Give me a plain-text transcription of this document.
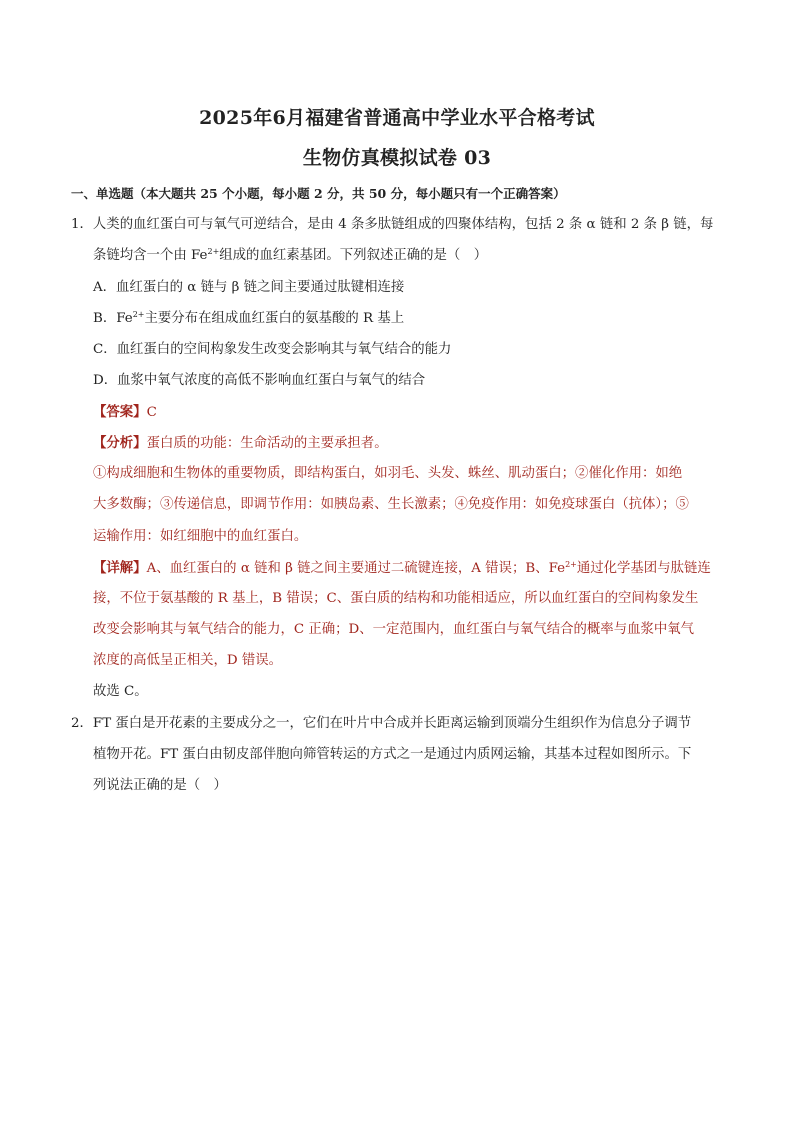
2025年6月福建省普通高中学业水平合格考试
生物仿真模拟试卷 03
一、单选题（本大题共 25 个小题，每小题 2 分，共 50 分，每小题只有一个正确答案）
1．人类的血红蛋白可与氧气可逆结合，是由 4 条多肽链组成的四聚体结构，包括 2 条 α 链和 2 条 β 链，每
条链均含一个由 $Fe^{2+}$组成的血红素基团。下列叙述正确的是（　）
A．血红蛋白的 α 链与 β 链之间主要通过肽键相连接
B．$Fe^{2+}$主要分布在组成血红蛋白的氨基酸的 R 基上
C．血红蛋白的空间构象发生改变会影响其与氧气结合的能力
D．血浆中氧气浓度的高低不影响血红蛋白与氧气的结合
【答案】C
【分析】蛋白质的功能：生命活动的主要承担者。
①构成细胞和生物体的重要物质，即结构蛋白，如羽毛、头发、蛛丝、肌动蛋白；②催化作用：如绝
大多数酶；③传递信息，即调节作用：如胰岛素、生长激素；④免疫作用：如免疫球蛋白（抗体）；⑤
运输作用：如红细胞中的血红蛋白。
【详解】A、血红蛋白的 α 链和 β 链之间主要通过二硫键连接，A 错误；B、$Fe^{2+}$通过化学基团与肽链连
接，不位于氨基酸的 R 基上，B 错误；C、蛋白质的结构和功能相适应，所以血红蛋白的空间构象发生
改变会影响其与氧气结合的能力，C 正确；D、一定范围内，血红蛋白与氧气结合的概率与血浆中氧气
浓度的高低呈正相关，D 错误。
故选 C。
2．FT 蛋白是开花素的主要成分之一，它们在叶片中合成并长距离运输到顶端分生组织作为信息分子调节
植物开花。FT 蛋白由韧皮部伴胞向筛管转运的方式之一是通过内质网运输，其基本过程如图所示。下
列说法正确的是（　）
